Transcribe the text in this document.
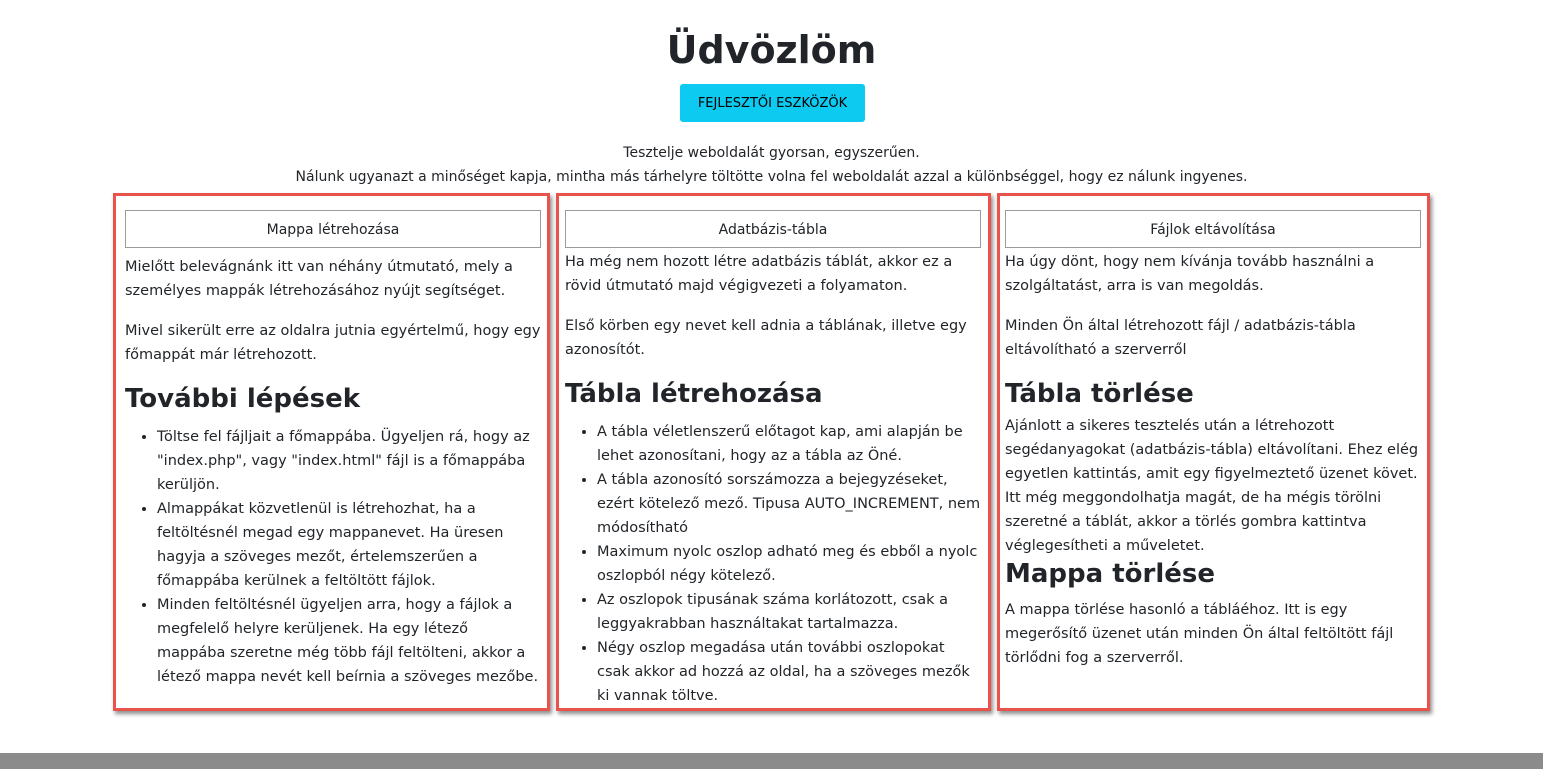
Üdvözlöm
FEJLESZTŐI ESZKÖZÖK
Tesztelje weboldalát gyorsan, egyszerűen.
Nálunk ugyanazt a minőséget kapja, mintha más tárhelyre töltötte volna fel weboldalát azzal a különbséggel, hogy ez nálunk ingyenes.
Mappa létrehozása

Mielőtt belevágnánk itt van néhány útmutató, mely a személyes mappák létrehozásához nyújt segítséget.

Mivel sikerült erre az oldalra jutnia egyértelmű, hogy egy főmappát már létrehozott.

További lépések
• Töltse fel fájljait a főmappába. Ügyeljen rá, hogy az "index.php", vagy "index.html" fájl is a főmappába kerüljön.
• Almappákat közvetlenül is létrehozhat, ha a feltöltésnél megad egy mappanevet. Ha üresen hagyja a szöveges mezőt, értelemszerűen a főmappába kerülnek a feltöltött fájlok.
• Minden feltöltésnél ügyeljen arra, hogy a fájlok a megfelelő helyre kerüljenek. Ha egy létező mappába szeretne még több fájl feltölteni, akkor a létező mappa nevét kell beírnia a szöveges mezőbe.
Adatbázis-tábla

Ha még nem hozott létre adatbázis táblát, akkor ez a rövid útmutató majd végigvezeti a folyamaton.

Első körben egy nevet kell adnia a táblának, illetve egy azonosítót.

Tábla létrehozása
• A tábla véletlenszerű előtagot kap, ami alapján be lehet azonosítani, hogy az a tábla az Öné.
• A tábla azonosító sorszámozza a bejegyzéseket, ezért kötelező mező. Tipusa AUTO_INCREMENT, nem módosítható
• Maximum nyolc oszlop adható meg és ebből a nyolc oszlopból négy kötelező.
• Az oszlopok tipusának száma korlátozott, csak a leggyakrabban használtakat tartalmazza.
• Négy oszlop megadása után további oszlopokat csak akkor ad hozzá az oldal, ha a szöveges mezők ki vannak töltve.
Fájlok eltávolítása

Ha úgy dönt, hogy nem kívánja tovább használni a szolgáltatást, arra is van megoldás.

Minden Ön által létrehozott fájl / adatbázis-tábla eltávolítható a szerverről

Tábla törlése

Ajánlott a sikeres tesztelés után a létrehozott segédanyagokat (adatbázis-tábla) eltávolítani. Ehez elég egyetlen kattintás, amit egy figyelmeztető üzenet követ. Itt még meggondolhatja magát, de ha mégis törölni szeretné a táblát, akkor a törlés gombra kattintva véglegesítheti a műveletet.

Mappa törlése

A mappa törlése hasonló a tábláéhoz. Itt is egy megerősítő üzenet után minden Ön által feltöltött fájl törlődni fog a szerverről.
